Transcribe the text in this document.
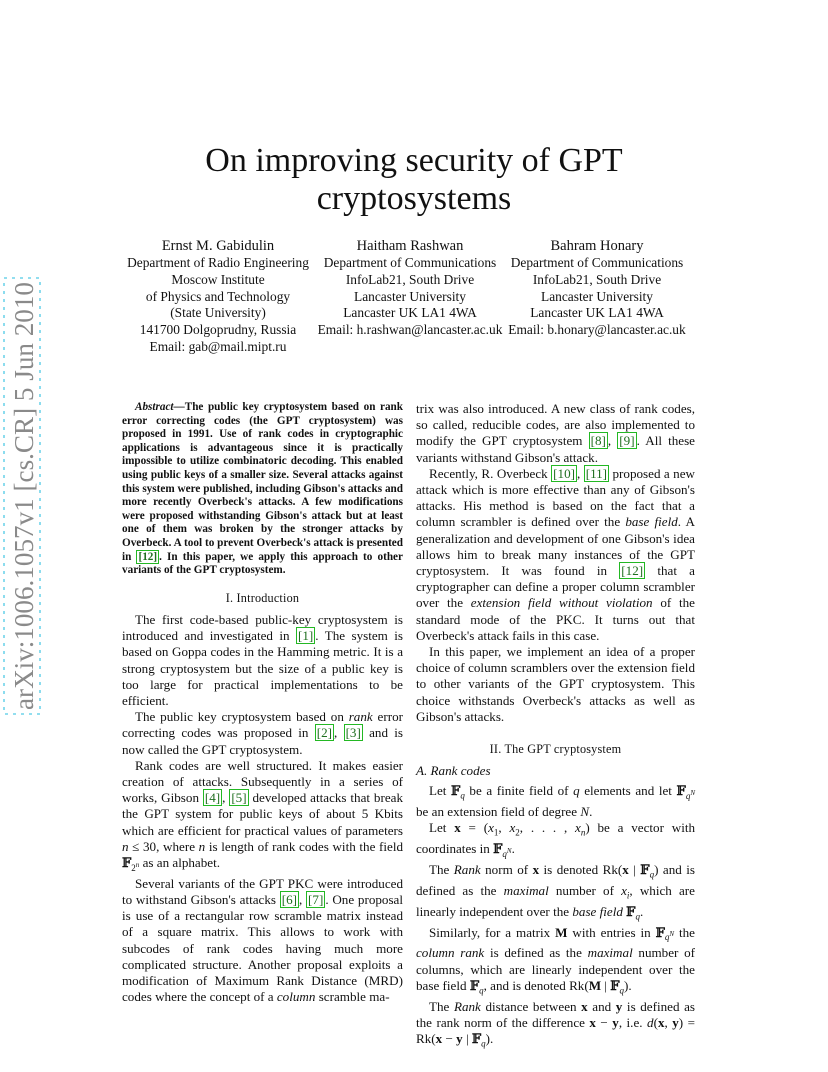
arXiv:1006.1057v1 [cs.CR] 5 Jun 2010
On improving security of GPT
cryptosystems
Ernst M. Gabidulin
Department of Radio Engineering
Moscow Institute
of Physics and Technology
(State University)
141700 Dolgoprudny, Russia
Email: gab@mail.mipt.ru
Haitham Rashwan
Department of Communications
InfoLab21, South Drive
Lancaster University
Lancaster UK LA1 4WA
Email: h.rashwan@lancaster.ac.uk
Bahram Honary
Department of Communications
InfoLab21, South Drive
Lancaster University
Lancaster UK LA1 4WA
Email: b.honary@lancaster.ac.uk

Abstract—The public key cryptosystem based on rank error correcting codes (the GPT cryptosystem) was proposed in 1991. Use of rank codes in cryptographic applications is advantageous since it is practically impossible to utilize combinatoric decoding. This enabled using public keys of a smaller size. Several attacks against this system were published, including Gibson's attacks and more recently Overbeck's attacks. A few modifications were proposed withstanding Gibson's attack but at least one of them was broken by the stronger attacks by Overbeck. A tool to prevent Overbeck's attack is presented in [12] . In this paper, we apply this approach to other variants of the GPT cryptosystem.

I. Introduction

The first code-based public-key cryptosystem is introduced and investigated in [1] . The system is based on Goppa codes in the Hamming metric. It is a strong cryptosystem but the size of a public key is too large for practical implementations to be efficient.

The public key cryptosystem based on rank error correcting codes was proposed in [2] , [3] and is now called the GPT cryptosystem.

Rank codes are well structured. It makes easier creation of attacks. Subsequently in a series of works, Gibson [4] , [5] developed attacks that break the GPT system for public keys of about 5 Kbits which are efficient for practical values of parameters n ≤ 30, where n is length of rank codes with the field 𝔽$_{2^n}$ as an alphabet.

Several variants of the GPT PKC were introduced to withstand Gibson's attacks [6] , [7] . One proposal is use of a rectangular row scramble matrix instead of a square matrix. This allows to work with subcodes of rank codes having much more complicated structure. Another proposal exploits a modification of Maximum Rank Distance (MRD) codes where the concept of a column scramble ma-

trix was also introduced. A new class of rank codes, so called, reducible codes, are also implemented to modify the GPT cryptosystem [8] , [9] . All these variants withstand Gibson's attack.

Recently, R. Overbeck [10] , [11] proposed a new attack which is more effective than any of Gibson's attacks. His method is based on the fact that a column scrambler is defined over the base field. A generalization and development of one Gibson's idea allows him to break many instances of the GPT cryptosystem. It was found in [12] that a cryptographer can define a proper column scrambler over the extension field without violation of the standard mode of the PKC. It turns out that Overbeck's attack fails in this case.

In this paper, we implement an idea of a proper choice of column scramblers over the extension field to other variants of the GPT cryptosystem. This choice withstands Overbeck's attacks as well as Gibson's attacks.

II. The GPT cryptosystem
A. Rank codes

Let 𝔽$_q$ be a finite field of q elements and let 𝔽$_{q^N}$ be an extension field of degree N.

Let $x = (x_1$, $x_2$, . . . , $x_n$) be a vector with coordinates in 𝔽$_{q^N}$.

The Rank norm of x is denoted Rk(x | 𝔽$_q$) and is defined as the maximal number of $x_i$, which are linearly independent over the base field 𝔽$_q$.

Similarly, for a matrix M with entries in 𝔽$_{q^N}$ the column rank is defined as the maximal number of columns, which are linearly independent over the base field 𝔽$_q$, and is denoted Rk(M | 𝔽$_q$).

The Rank distance between x and y is defined as the rank norm of the difference x − y, i.e. d(x, y) = Rk(x − y | 𝔽$_q$).
